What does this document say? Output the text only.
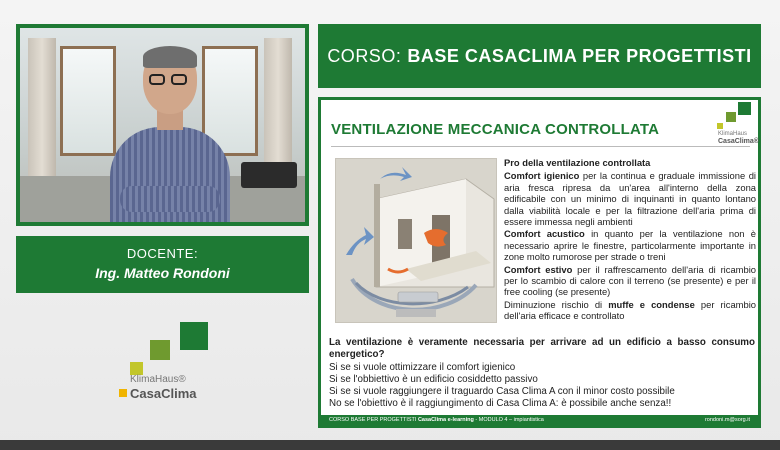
DOCENTE:
Ing. Matteo Rondoni
KlimaHaus®
CasaClima
CORSO: BASE CASACLIMA PER PROGETTISTI
VENTILAZIONE MECCANICA CONTROLLATA	KlimaHaus
CasaClima®

Pro della ventilazione controllata

Comfort igienico per la continua e graduale immissione di aria fresca ripresa da un'area all'interno della zona edificabile con un minimo di inquinanti in quanto lontano dalla viabilità locale e per la filtrazione dell'aria prima di essere immessa negli ambienti

Comfort acustico in quanto per la ventilazione non è necessario aprire le finestre, particolarmente importante in zone molto rumorose per strade o treni

Comfort estivo per il raffrescamento dell'aria di ricambio per lo scambio di calore con il terreno (se presente) e per il free cooling (se presente)

Diminuzione rischio di muffe e condense per ricambio dell'aria efficace e controllato

La ventilazione è veramente necessaria per arrivare ad un edificio a basso consumo energetico?

Si se si vuole ottimizzare il comfort igienico

Si se l'obbiettivo è un edificio cosiddetto passivo

Si se si vuole raggiungere il traguardo Casa Clima A con il minor costo possibile

No se l'obiettivo è il raggiungimento di Casa Clima A: è possibile anche senza!!

CORSO BASE PER PROGETTISTI CasaClima e-learning - MODULO 4 – impiantistica	rondoni.m@sorg.it
